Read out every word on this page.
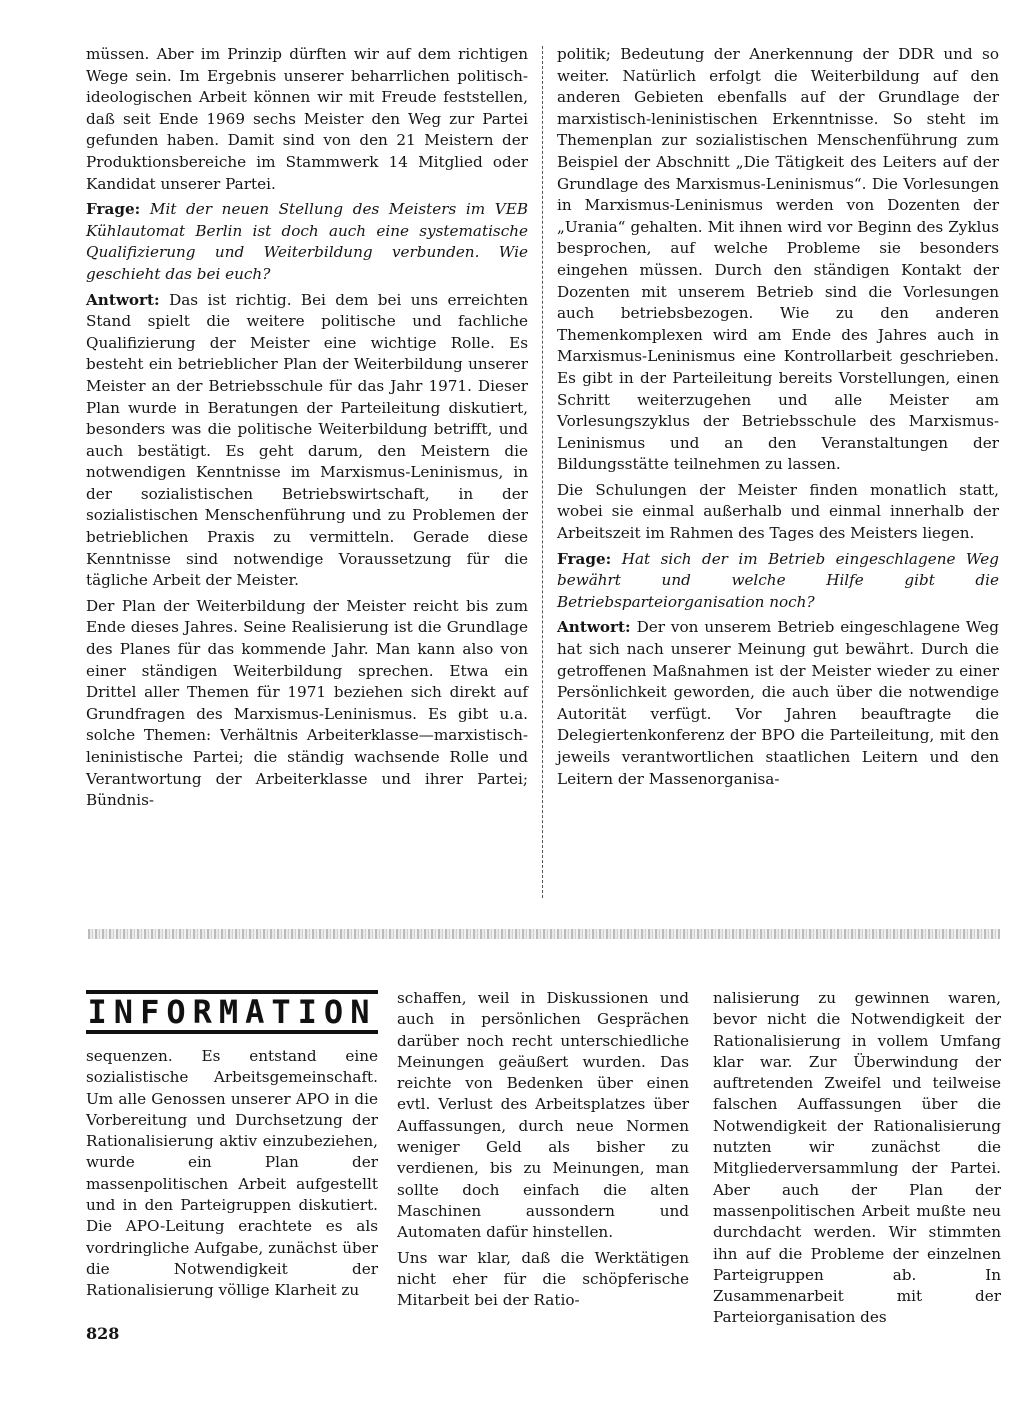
müssen. Aber im Prinzip dürften wir auf dem richtigen Wege sein. Im Ergebnis unserer beharrlichen politisch-ideologischen Arbeit können wir mit Freude feststellen, daß seit Ende 1969 sechs Meister den Weg zur Partei gefunden haben. Damit sind von den 21 Meistern der Produktionsbereiche im Stammwerk 14 Mitglied oder Kandidat unserer Partei.

Frage: Mit der neuen Stellung des Meisters im VEB Kühlautomat Berlin ist doch auch eine systematische Qualifizierung und Weiterbildung verbunden. Wie geschieht das bei euch?

Antwort: Das ist richtig. Bei dem bei uns erreichten Stand spielt die weitere politische und fachliche Qualifizierung der Meister eine wichtige Rolle. Es besteht ein betrieblicher Plan der Weiterbildung unserer Meister an der Betriebsschule für das Jahr 1971. Dieser Plan wurde in Beratungen der Parteileitung diskutiert, besonders was die politische Weiterbildung betrifft, und auch bestätigt. Es geht darum, den Meistern die notwendigen Kenntnisse im Marxismus-Leninismus, in der sozialistischen Betriebswirtschaft, in der sozialistischen Menschenführung und zu Problemen der betrieblichen Praxis zu vermitteln. Gerade diese Kenntnisse sind notwendige Voraussetzung für die tägliche Arbeit der Meister.

Der Plan der Weiterbildung der Meister reicht bis zum Ende dieses Jahres. Seine Realisierung ist die Grundlage des Planes für das kommende Jahr. Man kann also von einer ständigen Weiterbildung sprechen. Etwa ein Drittel aller Themen für 1971 beziehen sich direkt auf Grundfragen des Marxismus-Leninismus. Es gibt u.a. solche Themen: Verhältnis Arbeiterklasse—marxistisch-leninistische Partei; die ständig wachsende Rolle und Verantwortung der Arbeiterklasse und ihrer Partei; Bündnis-

politik; Bedeutung der Anerkennung der DDR und so weiter. Natürlich erfolgt die Weiterbildung auf den anderen Gebieten ebenfalls auf der Grundlage der marxistisch-leninistischen Erkenntnisse. So steht im Themenplan zur sozialistischen Menschenführung zum Beispiel der Abschnitt „Die Tätigkeit des Leiters auf der Grundlage des Marxismus-Leninismus“. Die Vorlesungen in Marxismus-Leninismus werden von Dozenten der „Urania“ gehalten. Mit ihnen wird vor Beginn des Zyklus besprochen, auf welche Probleme sie besonders eingehen müssen. Durch den ständigen Kontakt der Dozenten mit unserem Betrieb sind die Vorlesungen auch betriebsbezogen. Wie zu den anderen Themenkomplexen wird am Ende des Jahres auch in Marxismus-Leninismus eine Kontrollarbeit geschrieben. Es gibt in der Parteileitung bereits Vorstellungen, einen Schritt weiterzugehen und alle Meister am Vorlesungszyklus der Betriebsschule des Marxismus-Leninismus und an den Veranstaltungen der Bildungsstätte teilnehmen zu lassen.

Die Schulungen der Meister finden monatlich statt, wobei sie einmal außerhalb und einmal innerhalb der Arbeitszeit im Rahmen des Tages des Meisters liegen.

Frage: Hat sich der im Betrieb eingeschlagene Weg bewährt und welche Hilfe gibt die Betriebsparteiorganisation noch?

Antwort: Der von unserem Betrieb eingeschlagene Weg hat sich nach unserer Meinung gut bewährt. Durch die getroffenen Maßnahmen ist der Meister wieder zu einer Persönlichkeit geworden, die auch über die notwendige Autorität verfügt. Vor Jahren beauftragte die Delegiertenkonferenz der BPO die Parteileitung, mit den jeweils verantwortlichen staatlichen Leitern und den Leitern der Massenorganisa-

INFORMATION

sequenzen. Es entstand eine sozialistische Arbeitsgemeinschaft. Um alle Genossen unserer APO in die Vorbereitung und Durchsetzung der Rationalisierung aktiv einzubeziehen, wurde ein Plan der massenpolitischen Arbeit aufgestellt und in den Parteigruppen diskutiert. Die APO-Leitung erachtete es als vordringliche Aufgabe, zunächst über die Notwendigkeit der Rationalisierung völlige Klarheit zu

schaffen, weil in Diskussionen und auch in persönlichen Gesprächen darüber noch recht unterschiedliche Meinungen geäußert wurden. Das reichte von Bedenken über einen evtl. Verlust des Arbeitsplatzes über Auffassungen, durch neue Normen weniger Geld als bisher zu verdienen, bis zu Meinungen, man sollte doch einfach die alten Maschinen aussondern und Automaten dafür hinstellen.

Uns war klar, daß die Werktätigen nicht eher für die schöpferische Mitarbeit bei der Ratio-

nalisierung zu gewinnen waren, bevor nicht die Notwendigkeit der Rationalisierung in vollem Umfang klar war. Zur Überwindung der auftretenden Zweifel und teilweise falschen Auffassungen über die Notwendigkeit der Rationalisierung nutzten wir zunächst die Mitgliederversammlung der Partei. Aber auch der Plan der massenpolitischen Arbeit mußte neu durchdacht werden. Wir stimmten ihn auf die Probleme der einzelnen Parteigruppen ab. In Zusammenarbeit mit der Parteiorganisation des

828
